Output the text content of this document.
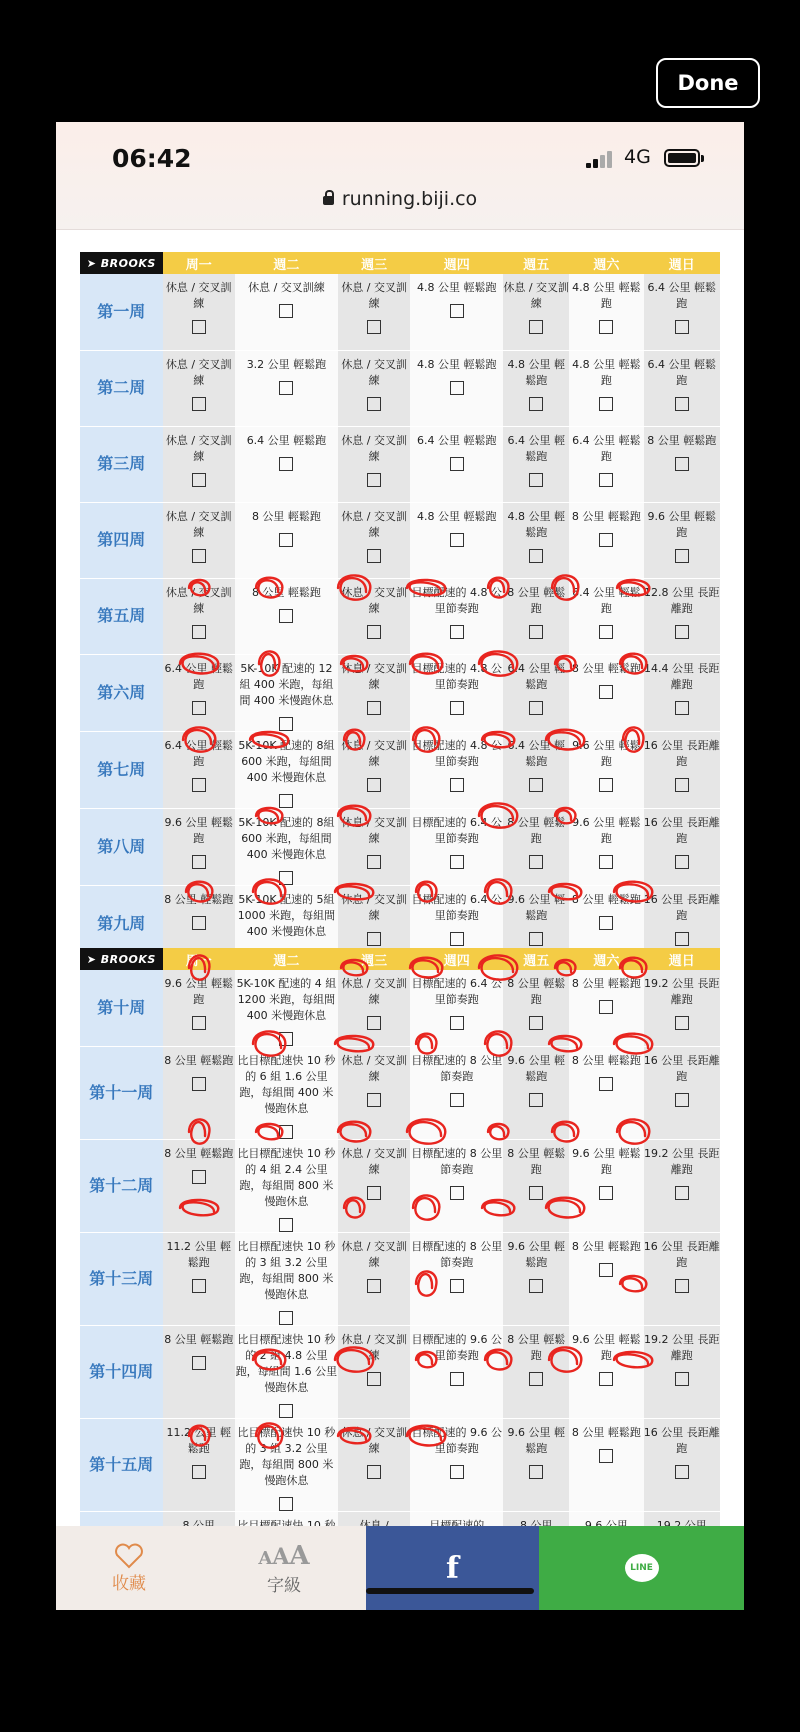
Done
06:42	4G
running.biji.co
➤ BROOKS	周一	週二	週三	週四	週五	週六	週日
第一周	休息 / 交叉訓練	休息 / 交叉訓練	休息 / 交叉訓練	4.8 公里 輕鬆跑	休息 / 交叉訓練	4.8 公里 輕鬆跑	6.4 公里 輕鬆跑

第二周	休息 / 交叉訓練	3.2 公里 輕鬆跑	休息 / 交叉訓練	4.8 公里 輕鬆跑	4.8 公里 輕鬆跑	4.8 公里 輕鬆跑	6.4 公里 輕鬆跑

第三周	休息 / 交叉訓練	6.4 公里 輕鬆跑	休息 / 交叉訓練	6.4 公里 輕鬆跑	6.4 公里 輕鬆跑	6.4 公里 輕鬆跑	8 公里 輕鬆跑

第四周	休息 / 交叉訓練	8 公里 輕鬆跑	休息 / 交叉訓練	4.8 公里 輕鬆跑	4.8 公里 輕鬆跑	8 公里 輕鬆跑	9.6 公里 輕鬆跑

第五周	休息 / 交叉訓練	8 公里 輕鬆跑	休息 / 交叉訓練	目標配速的 4.8 公里節奏跑	8 公里 輕鬆跑	6.4 公里 輕鬆跑	12.8 公里 長距離跑

第六周	6.4 公里 輕鬆跑	5K-10K 配速的 12 組 400 米跑，每組間 400 米慢跑休息	休息 / 交叉訓練	目標配速的 4.8 公里節奏跑	6.4 公里 輕鬆跑	8 公里 輕鬆跑	14.4 公里 長距離跑

第七周	6.4 公里 輕鬆跑	5K-10K 配速的 8組 600 米跑，每組間 400 米慢跑休息	休息 / 交叉訓練	目標配速的 4.8 公里節奏跑	6.4 公里 輕鬆跑	9.6 公里 輕鬆跑	16 公里 長距離跑

第八周	9.6 公里 輕鬆跑	5K-10K 配速的 8組 600 米跑，每組間 400 米慢跑休息	休息 / 交叉訓練	目標配速的 6.4 公里節奏跑	8 公里 輕鬆跑	9.6 公里 輕鬆跑	16 公里 長距離跑

第九周	8 公里 輕鬆跑	5K-10K 配速的 5組 1000 米跑，每組間 400 米慢跑休息	休息 / 交叉訓練	目標配速的 6.4 公里節奏跑	9.6 公里 輕鬆跑	8 公里 輕鬆跑	16 公里 長距離跑
➤ BROOKS	周一	週二	週三	週四	週五	週六	週日
第十周	9.6 公里 輕鬆跑	5K-10K 配速的 4 組 1200 米跑，每組間 400 米慢跑休息	休息 / 交叉訓練	目標配速的 6.4 公里節奏跑	8 公里 輕鬆跑	8 公里 輕鬆跑	19.2 公里 長距離跑

第十一周	8 公里 輕鬆跑	比目標配速快 10 秒的 6 組 1.6 公里跑，每組間 400 米慢跑休息	休息 / 交叉訓練	目標配速的 8 公里節奏跑	9.6 公里 輕鬆跑	8 公里 輕鬆跑	16 公里 長距離跑

第十二周	8 公里 輕鬆跑	比目標配速快 10 秒的 4 組 2.4 公里跑，每組間 800 米慢跑休息	休息 / 交叉訓練	目標配速的 8 公里節奏跑	8 公里 輕鬆跑	9.6 公里 輕鬆跑	19.2 公里 長距離跑

第十三周	11.2 公里 輕鬆跑	比目標配速快 10 秒的 3 組 3.2 公里跑，每組間 800 米慢跑休息	休息 / 交叉訓練	目標配速的 8 公里節奏跑	9.6 公里 輕鬆跑	8 公里 輕鬆跑	16 公里 長距離跑

第十四周	8 公里 輕鬆跑	比目標配速快 10 秒的 2 組 4.8 公里跑，每組間 1.6 公里慢跑休息	休息 / 交叉訓練	目標配速的 9.6 公里節奏跑	8 公里 輕鬆跑	9.6 公里 輕鬆跑	19.2 公里 長距離跑

第十五周	11.2 公里 輕鬆跑	比目標配速快 10 秒的 3 組 3.2 公里跑，每組間 800 米慢跑休息	休息 / 交叉訓練	目標配速的 9.6 公里節奏跑	9.6 公里 輕鬆跑	8 公里 輕鬆跑	16 公里 長距離跑

收藏
AAA
字級	f	LINE
